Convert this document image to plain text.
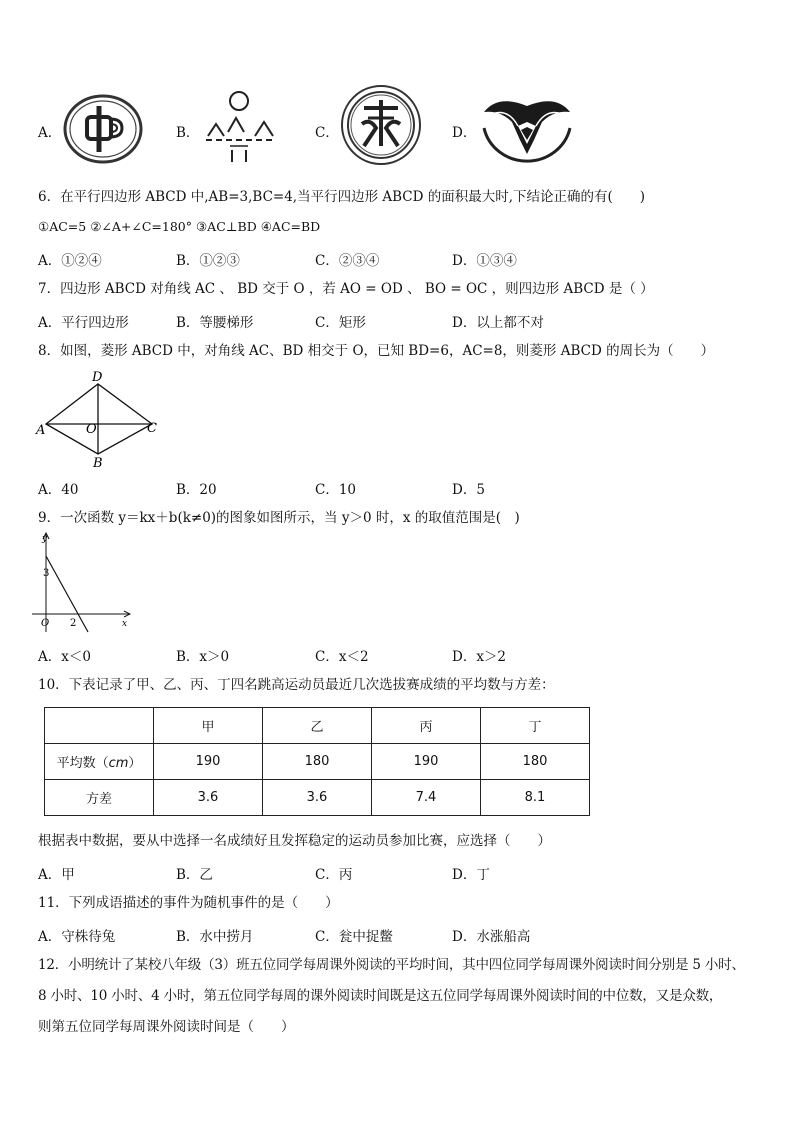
A．	B．	C．	D．
6．在平行四边形 ABCD 中,AB=3,BC=4,当平行四边形 ABCD 的面积最大时,下结论正确的有(　　)
①AC=5 ②∠A+∠C=180° ③AC⊥BD ④AC=BD
A．①②④	B．①②③	C．②③④	D．①③④
7．四边形 ABCD 对角线 AC 、 BD 交于 O ，若 AO = OD 、 BO = OC ，则四边形 ABCD 是（ ）
A．平行四边形	B．等腰梯形	C．矩形	D．以上都不对
8．如图，菱形 ABCD 中，对角线 AC、BD 相交于 O，已知 BD=6，AC=8，则菱形 ABCD 的周长为（　　）
D
A	C
B
O
A．40	B．20	C．10	D．5
9．一次函数 y＝kx＋b(k≠0)的图象如图所示，当 y＞0 时，x 的取值范围是(　)
y
x
O
3
2
A．x＜0	B．x＞0	C．x＜2	D．x＞2
10．下表记录了甲、乙、丙、丁四名跳高运动员最近几次选拔赛成绩的平均数与方差：
	甲	乙	丙	丁
平均数（cm）	190	180	190	180
方差	3.6	3.6	7.4	8.1
根据表中数据，要从中选择一名成绩好且发挥稳定的运动员参加比赛，应选择（　　）
A．甲	B．乙	C．丙	D．丁
11．下列成语描述的事件为随机事件的是（　　）
A．守株待兔	B．水中捞月	C．瓮中捉鳖	D．水涨船高
12．小明统计了某校八年级（3）班五位同学每周课外阅读的平均时间，其中四位同学每周课外阅读时间分别是 5 小时、
8 小时、10 小时、4 小时，第五位同学每周的课外阅读时间既是这五位同学每周课外阅读时间的中位数，又是众数，
则第五位同学每周课外阅读时间是（　　）
